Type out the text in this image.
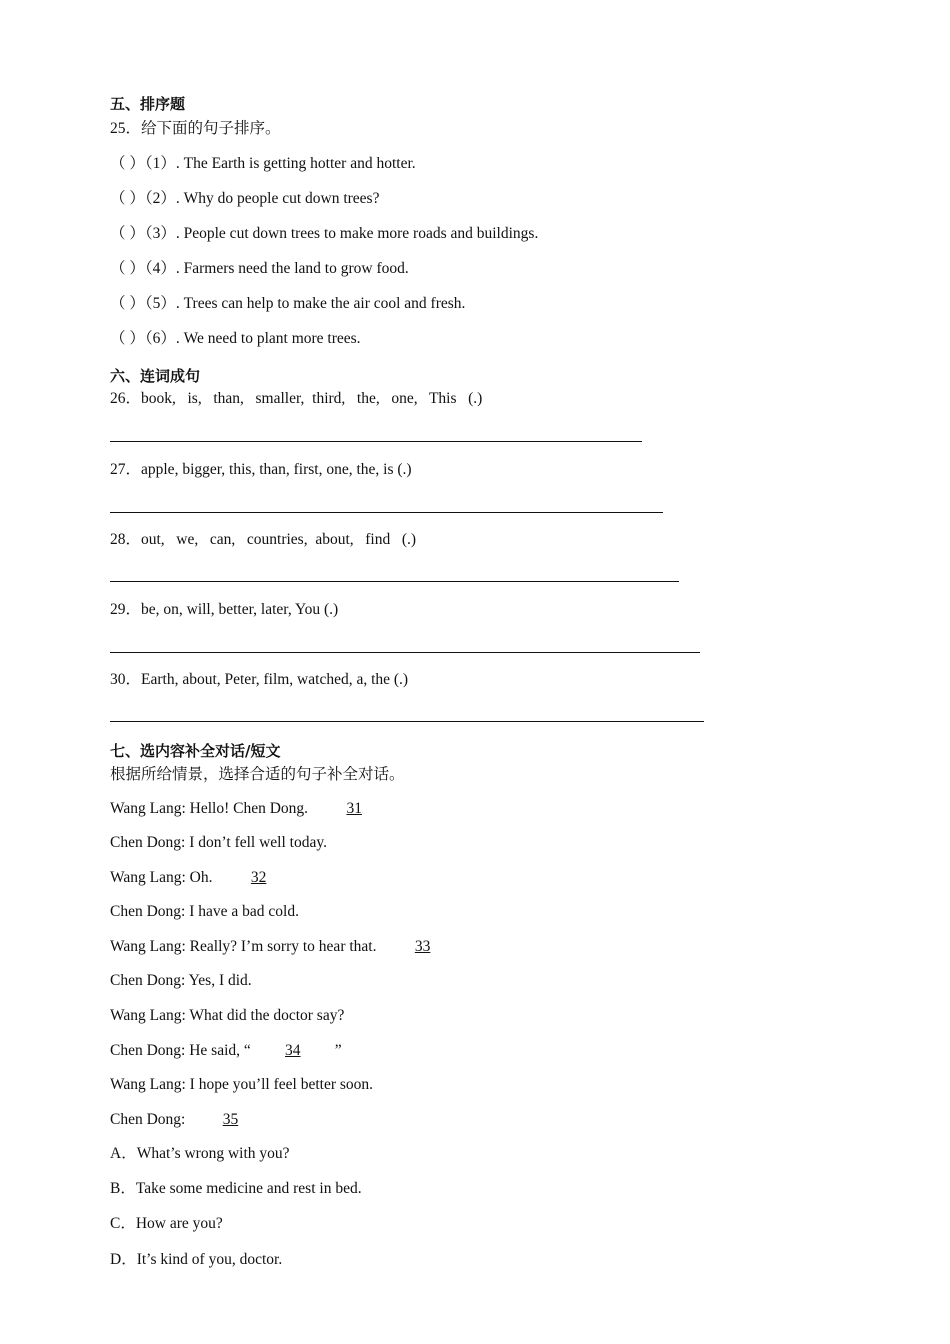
五、排序题
25．给下面的句子排序。
（ ）（1）. The Earth is getting hotter and hotter.
（ ）（2）. Why do people cut down trees?
（ ）（3）. People cut down trees to make more roads and buildings.
（ ）（4）. Farmers need the land to grow food.
（ ）（5）. Trees can help to make the air cool and fresh.
（ ）（6）. We need to plant more trees.
六、连词成句
26．book,   is,   than,   smaller,  third,   the,   one,   This   (.)
27．apple, bigger, this, than, first, one, the, is (.)
28．out,   we,   can,   countries,  about,   find   (.)
29．be, on, will, better, later, You (.)
30．Earth, about, Peter, film, watched, a, the (.)
七、选内容补全对话/短文
根据所给情景，选择合适的句子补全对话。
Wang Lang: Hello! Chen Dong. 31
Chen Dong: I don’t fell well today.
Wang Lang: Oh. 32
Chen Dong: I have a bad cold.
Wang Lang: Really? I’m sorry to hear that. 33
Chen Dong: Yes, I did.
Wang Lang: What did the doctor say?
Chen Dong: He said, “ 34 ”
Wang Lang: I hope you’ll feel better soon.
Chen Dong: 35
A．What’s wrong with you?
B．Take some medicine and rest in bed.
C．How are you?
D．It’s kind of you, doctor.
